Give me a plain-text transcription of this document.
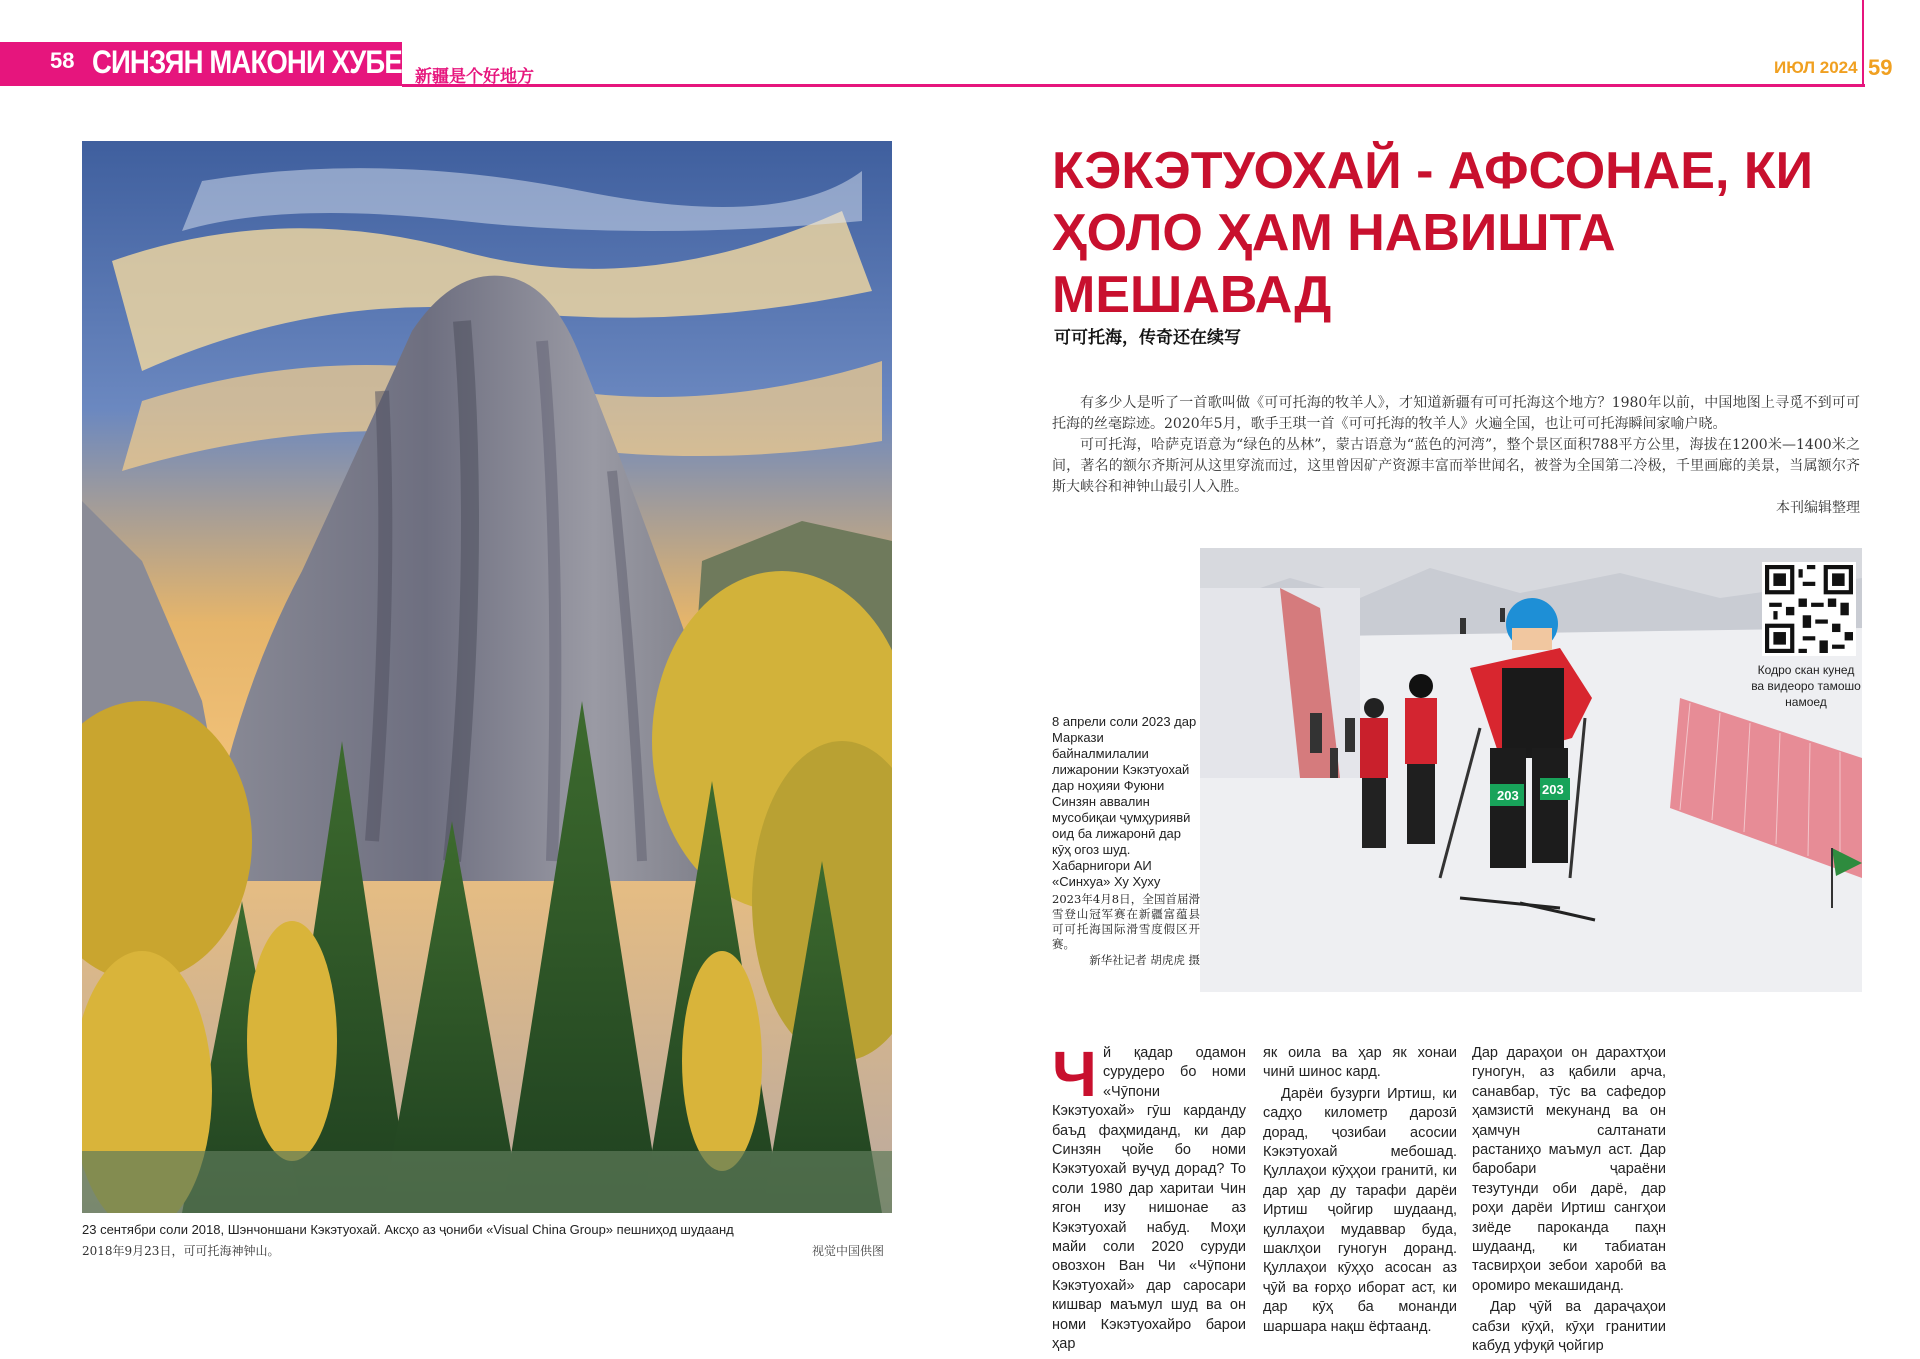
58 СИНЗЯН МАКОНИ ХУБЕСТ
新疆是个好地方	ИЮЛ 2024 59
23 сентябри соли 2018, Шэнчоншани Кэкэтуохай. Аксҳо аз ҷониби «Visual China Group» пешниҳод шудаанд
2018年9月23日，可可托海神钟山。	视觉中国供图
КЭКЭТУОХАЙ - АФСОНАЕ, КИ ҲОЛО ҲАМ НАВИШТА МЕШАВАД
可可托海，传奇还在续写

有多少人是听了一首歌叫做《可可托海的牧羊人》，才知道新疆有可可托海这个地方？1980年以前，中国地图上寻觅不到可可托海的丝毫踪迹。2020年5月，歌手王琪一首《可可托海的牧羊人》火遍全国，也让可可托海瞬间家喻户晓。

可可托海，哈萨克语意为“绿色的丛林”，蒙古语意为“蓝色的河湾”，整个景区面积788平方公里，海拔在1200米—1400米之间，著名的额尔齐斯河从这里穿流而过，这里曾因矿产资源丰富而举世闻名，被誉为全国第二冷极，千里画廊的美景，当属额尔齐斯大峡谷和神钟山最引人入胜。

本刊编辑整理

203 203
Кодро скан кунед ва видеоро тамошо намоед
8 апрели соли 2023 дар Маркази байналмилалии лижаронии Кэкэтуохай дар ноҳияи Фуюни Синзян аввалин мусобиқаи ҷумҳуриявӣ оид ба лижаронӣ дар кӯҳ огоз шуд. Хабарнигори АИ «Синхуа» Ху Хуху
2023年4月8日，全国首届滑雪登山冠军赛在新疆富蕴县可可托海国际滑雪度假区开赛。
新华社记者 胡虎虎 摄

Чй қадар одамон сурудеро бо номи «Чӯпони Кэкэтуохай» гӯш карданду баъд фаҳмиданд, ки дар Синзян ҷойе бо номи Кэкэтуохай вуҷуд дорад? То соли 1980 дар харитаи Чин ягон изу нишонае аз Кэкэтуохай набуд. Моҳи майи соли 2020 суруди овозхон Ван Чи «Чӯпони Кэкэтуохай» дар саросари кишвар маъмул шуд ва он номи Кэкэтуохайро барои ҳар

як оила ва ҳар як хонаи чинӣ шинос кард.

Дарёи бузурги Иртиш, ки садҳо километр дарозӣ дорад, ҷозибаи асосии Кэкэтуохай мебошад. Қуллаҳои кӯҳҳои гранитӣ, ки дар ҳар ду тарафи дарёи Иртиш ҷойгир шудаанд, қуллаҳои мудаввар буда, шаклҳои гуногун доранд. Қуллаҳои кӯҳҳо асосан аз ҷӯй ва ғорҳо иборат аст, ки дар кӯҳ ба монанди шаршара нақш ёфтаанд.

Дар дараҳои он дарахтҳои гуногун, аз қабили арча, санавбар, тӯс ва сафедор ҳамзистӣ мекунанд ва он ҳамчун салтанати растаниҳо маъмул аст. Дар баробари ҷараёни тезутунди оби дарё, дар роҳи дарёи Иртиш сангҳои зиёде пароканда паҳн шудаанд, ки табиатан тасвирҳои зебои харобӣ ва оромиро мекашиданд.

Дар ҷӯй ва дараҷаҳои сабзи кӯҳӣ, кӯҳи гранитии кабуд уфуқӣ ҷойгир
